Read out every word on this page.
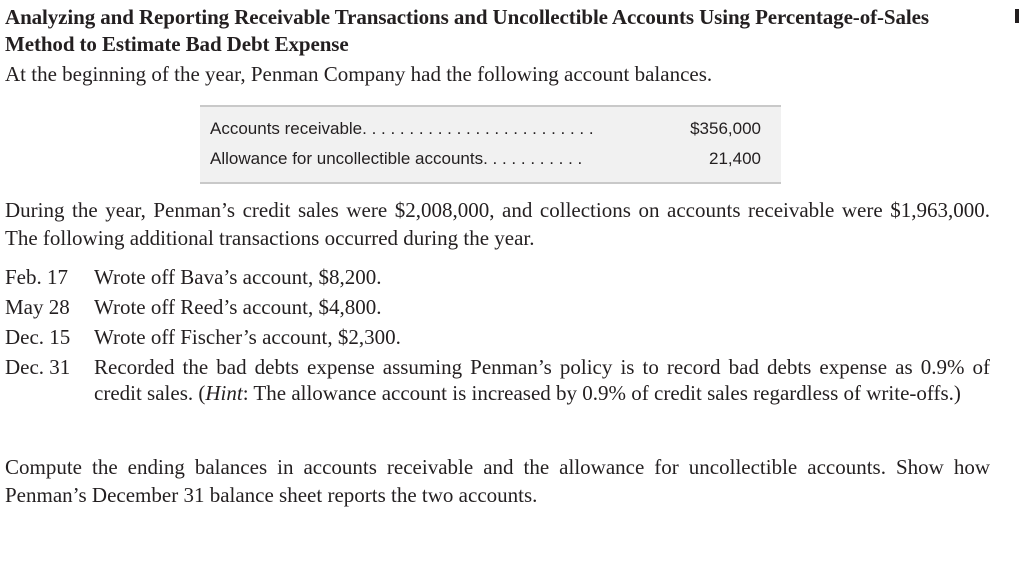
Analyzing and Reporting Receivable Transactions and Uncollectible Accounts Using Percentage-of-Sales Method to Estimate Bad Debt Expense
At the beginning of the year, Penman Company had the following account balances.
Accounts receivable. . . . . . . . . . . . . . . . . . . . . . . . .	$356,000
Allowance for uncollectible accounts. . . . . . . . . . .	21,400
During the year, Penman’s credit sales were $2,008,000, and collections on accounts receivable were $1,963,000. The following additional transactions occurred during the year.
Feb. 17	Wrote off Bava’s account, $8,200.
May 28	Wrote off Reed’s account, $4,800.
Dec. 15	Wrote off Fischer’s account, $2,300.
Dec. 31	Recorded the bad debts expense assuming Penman’s policy is to record bad debts expense as 0.9% of credit sales. (Hint: The allowance account is increased by 0.9% of credit sales regardless of write-offs.)
Compute the ending balances in accounts receivable and the allowance for uncollectible accounts. Show how Penman’s December 31 balance sheet reports the two accounts.
